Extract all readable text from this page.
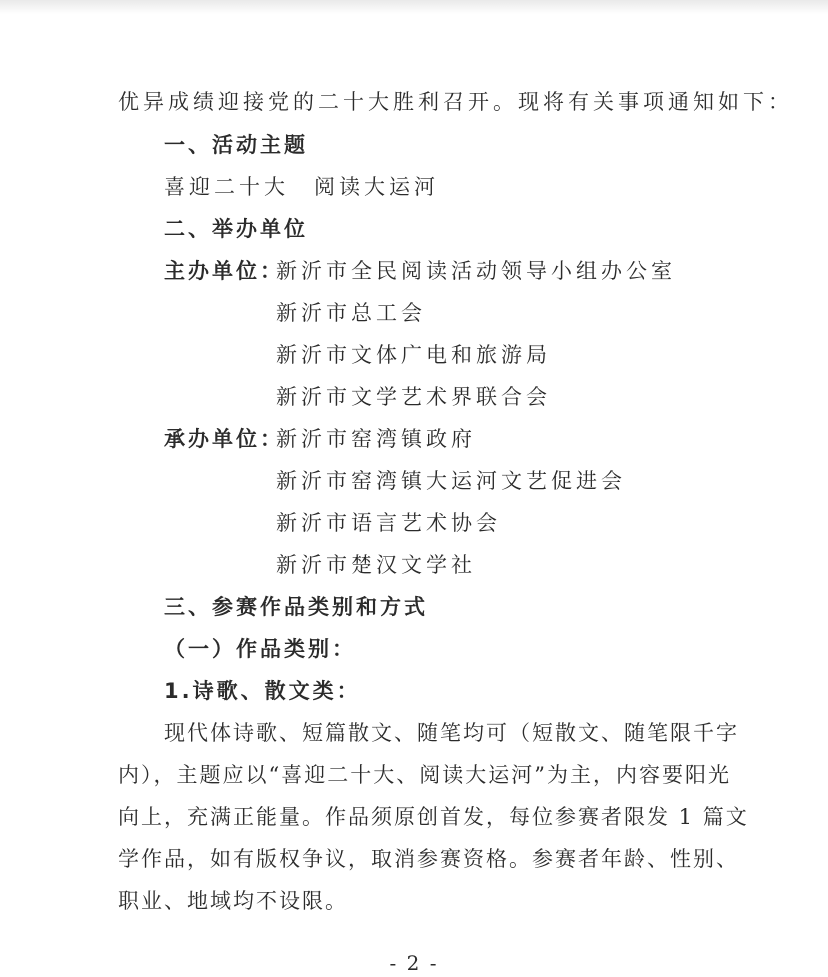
优异成绩迎接党的二十大胜利召开。现将有关事项通知如下：
一、活动主题
喜迎二十大　阅读大运河
二、举办单位
主办单位：
新沂市全民阅读活动领导小组办公室
新沂市总工会
新沂市文体广电和旅游局
新沂市文学艺术界联合会
承办单位：
新沂市窑湾镇政府
新沂市窑湾镇大运河文艺促进会
新沂市语言艺术协会
新沂市楚汉文学社
三、参赛作品类别和方式
（一）作品类别：
1.诗歌、散文类：
现代体诗歌、短篇散文、随笔均可（短散文、随笔限千字
内），主题应以“喜迎二十大、阅读大运河”为主，内容要阳光
向上，充满正能量。作品须原创首发，每位参赛者限发 1 篇文
学作品，如有版权争议，取消参赛资格。参赛者年龄、性别、
职业、地域均不设限。
- 2 -
